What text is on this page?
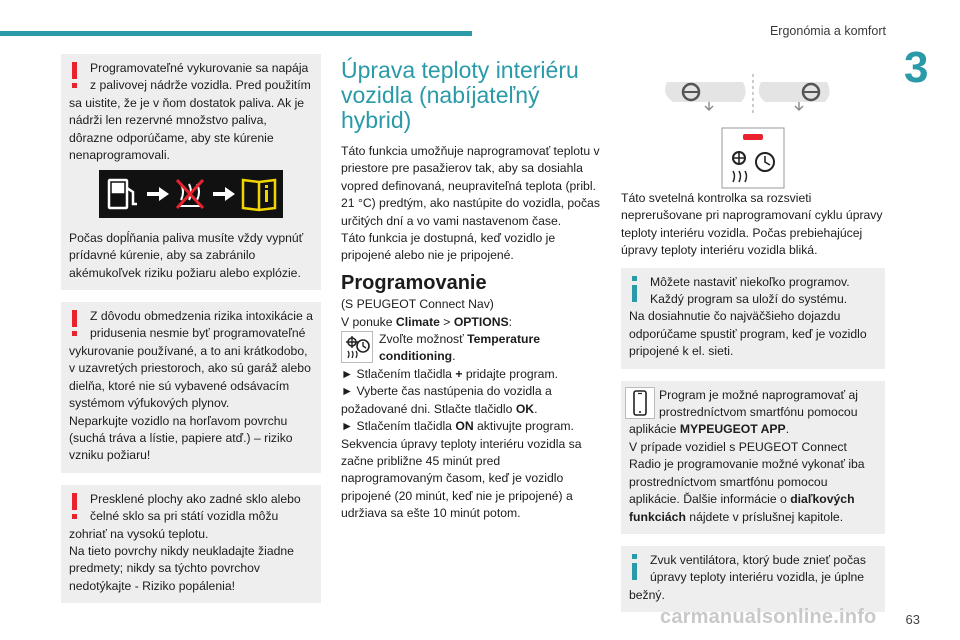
Ergonómia a komfort
3

Programovateľné vykurovanie sa napája

z palivovej nádrže vozidla. Pred použitím

sa uistite, že je v ňom dostatok paliva. Ak je nádrži len rezervné množstvo paliva, dôrazne odporúčame, aby ste kúrenie nenaprogramovali.

Počas dopĺňania paliva musíte vždy vypnúť prídavné kúrenie, aby sa zabránilo akémukoľvek riziku požiaru alebo explózie.

Z dôvodu obmedzenia rizika intoxikácie a

pridusenia nesmie byť programovateľné

vykurovanie používané, a to ani krátkodobo, v uzavretých priestoroch, ako sú garáž alebo dielňa, ktoré nie sú vybavené odsávacím systémom výfukových plynov.

Neparkujte vozidlo na horľavom povrchu (suchá tráva a lístie, papiere atď.) – riziko vzniku požiaru!

Presklené plochy ako zadné sklo alebo

čelné sklo sa pri státí vozidla môžu

zohriať na vysokú teplotu.

Na tieto povrchy nikdy neukladajte žiadne predmety; nikdy sa týchto povrchov nedotýkajte - Riziko popálenia!

Úprava teploty interiéru vozidla (nabíjateľný hybrid)

Táto funkcia umožňuje naprogramovať teplotu v priestore pre pasažierov tak, aby sa dosiahla vopred definovaná, neupraviteľná teplota (pribl. 21 °C) predtým, ako nastúpite do vozidla, počas určitých dní a vo vami nastavenom čase.

Táto funkcia je dostupná, keď vozidlo je pripojené alebo nie je pripojené.

Programovanie

(S PEUGEOT Connect Nav)

V ponuke Climate > OPTIONS:

Zvoľte možnosť Temperature conditioning.

► Stlačením tlačidla + pridajte program.

► Vyberte čas nastúpenia do vozidla a požadované dni. Stlačte tlačidlo OK.

► Stlačením tlačidla ON aktivujte program.

Sekvencia úpravy teploty interiéru vozidla sa začne približne 45 minút pred naprogramovaným časom, keď je vozidlo pripojené (20 minút, keď nie je pripojené) a udržiava sa ešte 10 minút potom.

Táto svetelná kontrolka sa rozsvieti neprerušovane pri naprogramovaní cyklu úpravy teploty interiéru vozidla. Počas prebiehajúcej úpravy teploty interiéru vozidla bliká.

Môžete nastaviť niekoľko programov.

Každý program sa uloží do systému.

Na dosiahnutie čo najväčšieho dojazdu odporúčame spustiť program, keď je vozidlo pripojené k el. sieti.

Program je možné naprogramovať aj

prostredníctvom smartfónu pomocou

aplikácie MYPEUGEOT APP.

V prípade vozidiel s PEUGEOT Connect Radio je programovanie možné vykonať iba prostredníctvom smartfónu pomocou aplikácie. Ďalšie informácie o diaľkových funkciách nájdete v príslušnej kapitole.

Zvuk ventilátora, ktorý bude znieť počas

úpravy teploty interiéru vozidla, je úplne

bežný.

carmanualsonline.info 63
